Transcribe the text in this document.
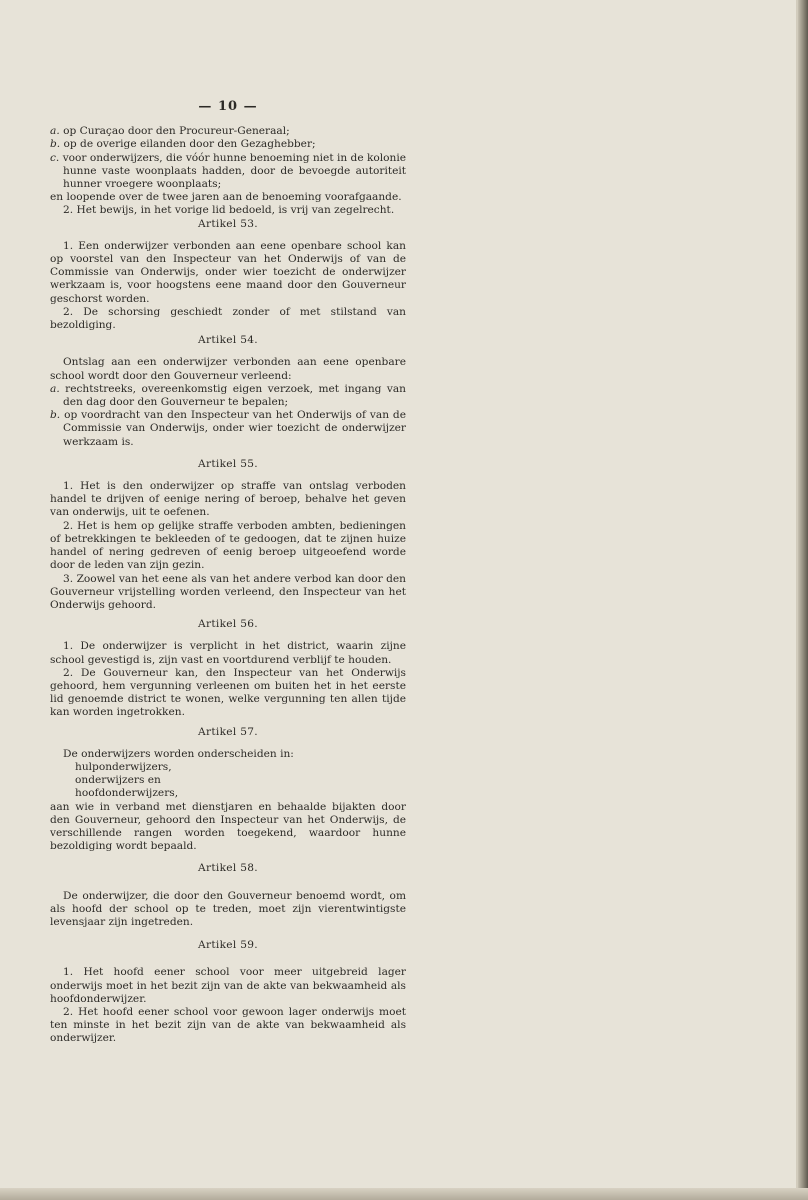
— 10 —

a. op Curaçao door den Procureur-Generaal;

b. op de overige eilanden door den Gezaghebber;

c. voor onderwijzers, die vóór hunne benoeming niet in de kolonie hunne vaste woonplaats hadden, door de bevoegde autoriteit hunner vroegere woonplaats;

en loopende over de twee jaren aan de benoeming voorafgaande.

2. Het bewijs, in het vorige lid bedoeld, is vrij van zegelrecht.

Artikel 53.

1. Een onderwijzer verbonden aan eene openbare school kan op voorstel van den Inspecteur van het Onderwijs of van de Commissie van Onderwijs, onder wier toezicht de onderwijzer werkzaam is, voor hoogstens eene maand door den Gouverneur geschorst worden.

2. De schorsing geschiedt zonder of met stilstand van bezoldiging.

Artikel 54.

Ontslag aan een onderwijzer verbonden aan eene openbare school wordt door den Gouverneur verleend:

a. rechtstreeks, overeenkomstig eigen verzoek, met ingang van den dag door den Gouverneur te bepalen;

b. op voordracht van den Inspecteur van het Onderwijs of van de Commissie van Onderwijs, onder wier toezicht de onderwijzer werkzaam is.

Artikel 55.

1. Het is den onderwijzer op straffe van ontslag verboden handel te drijven of eenige nering of beroep, behalve het geven van onderwijs, uit te oefenen.

2. Het is hem op gelijke straffe verboden ambten, bedieningen of betrekkingen te bekleeden of te gedoogen, dat te zijnen huize handel of nering gedreven of eenig beroep uitgeoefend worde door de leden van zijn gezin.

3. Zoowel van het eene als van het andere verbod kan door den Gouverneur vrijstelling worden verleend, den Inspecteur van het Onderwijs gehoord.

Artikel 56.

1. De onderwijzer is verplicht in het district, waarin zijne school gevestigd is, zijn vast en voortdurend verblijf te houden.

2. De Gouverneur kan, den Inspecteur van het Onderwijs gehoord, hem vergunning verleenen om buiten het in het eerste lid genoemde district te wonen, welke vergunning ten allen tijde kan worden ingetrokken.

Artikel 57.

De onderwijzers worden onderscheiden in:

hulponderwijzers,

onderwijzers en

hoofdonderwijzers,

aan wie in verband met dienstjaren en behaalde bijakten door den Gouverneur, gehoord den Inspecteur van het Onderwijs, de verschillende rangen worden toegekend, waardoor hunne bezoldiging wordt bepaald.

Artikel 58.

De onderwijzer, die door den Gouverneur benoemd wordt, om als hoofd der school op te treden, moet zijn vierentwintigste levensjaar zijn ingetreden.

Artikel 59.

1. Het hoofd eener school voor meer uitgebreid lager onderwijs moet in het bezit zijn van de akte van bekwaamheid als hoofdonderwijzer.

2. Het hoofd eener school voor gewoon lager onderwijs moet ten minste in het bezit zijn van de akte van bekwaamheid als onderwijzer.
